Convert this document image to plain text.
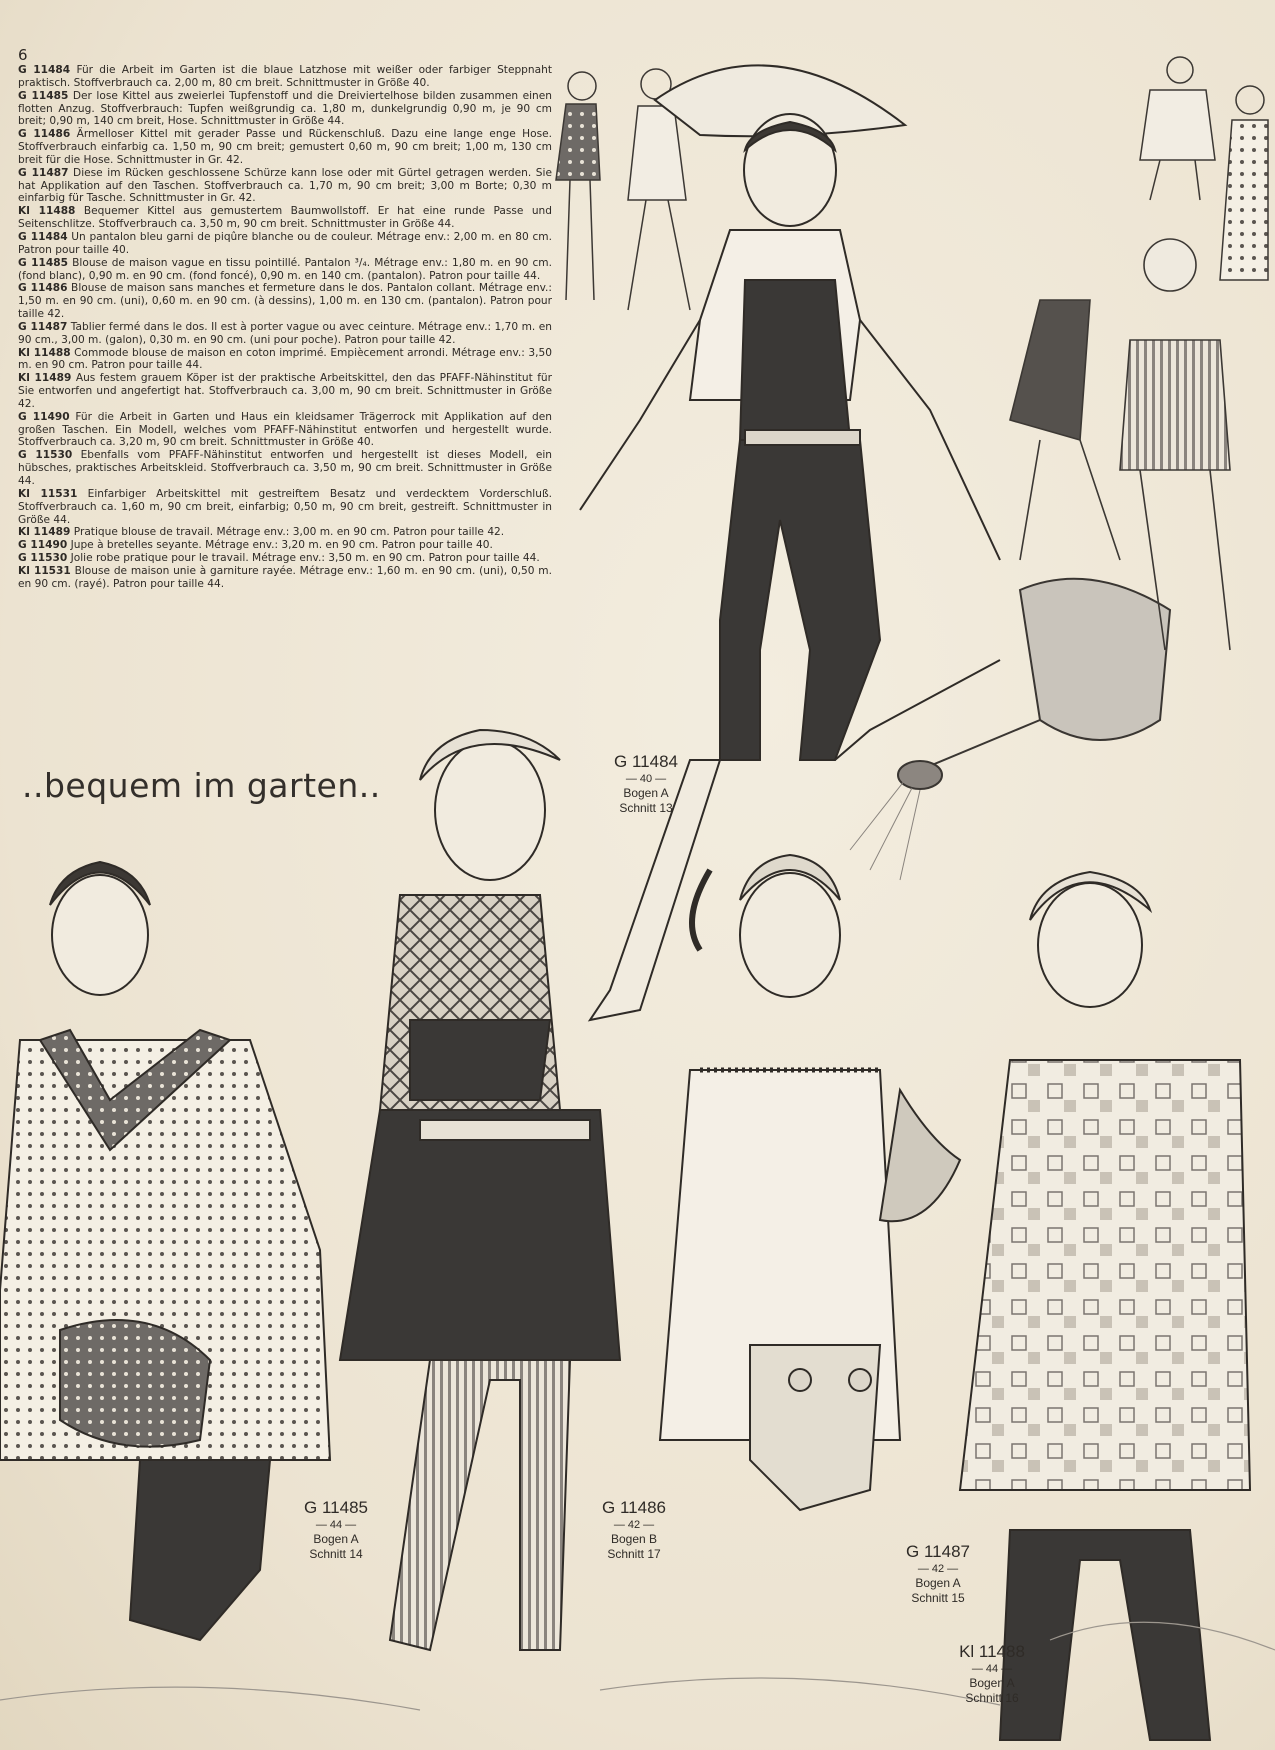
6

G 11484 Für die Arbeit im Garten ist die blaue Latzhose mit weißer oder farbiger Steppnaht praktisch. Stoffverbrauch ca. 2,00 m, 80 cm breit. Schnittmuster in Größe 40.

G 11485 Der lose Kittel aus zweierlei Tupfenstoff und die Dreiviertelhose bilden zusammen einen flotten Anzug. Stoffverbrauch: Tupfen weißgrundig ca. 1,80 m, dunkelgrundig 0,90 m, je 90 cm breit; 0,90 m, 140 cm breit, Hose. Schnittmuster in Größe 44.

G 11486 Ärmelloser Kittel mit gerader Passe und Rückenschluß. Dazu eine lange enge Hose. Stoffverbrauch einfarbig ca. 1,50 m, 90 cm breit; gemustert 0,60 m, 90 cm breit; 1,00 m, 130 cm breit für die Hose. Schnittmuster in Gr. 42.

G 11487 Diese im Rücken geschlossene Schürze kann lose oder mit Gürtel getragen werden. Sie hat Applikation auf den Taschen. Stoffverbrauch ca. 1,70 m, 90 cm breit; 3,00 m Borte; 0,30 m einfarbig für Tasche. Schnittmuster in Gr. 42.

Kl 11488 Bequemer Kittel aus gemustertem Baumwollstoff. Er hat eine runde Passe und Seitenschlitze. Stoffverbrauch ca. 3,50 m, 90 cm breit. Schnittmuster in Größe 44.

G 11484 Un pantalon bleu garni de piqûre blanche ou de couleur. Métrage env.: 2,00 m. en 80 cm. Patron pour taille 40.

G 11485 Blouse de maison vague en tissu pointillé. Pantalon ³/₄. Métrage env.: 1,80 m. en 90 cm. (fond blanc), 0,90 m. en 90 cm. (fond foncé), 0,90 m. en 140 cm. (pantalon). Patron pour taille 44.

G 11486 Blouse de maison sans manches et fermeture dans le dos. Pantalon collant. Métrage env.: 1,50 m. en 90 cm. (uni), 0,60 m. en 90 cm. (à dessins), 1,00 m. en 130 cm. (pantalon). Patron pour taille 42.

G 11487 Tablier fermé dans le dos. Il est à porter vague ou avec ceinture. Métrage env.: 1,70 m. en 90 cm., 3,00 m. (galon), 0,30 m. en 90 cm. (uni pour poche). Patron pour taille 42.

Kl 11488 Commode blouse de maison en coton imprimé. Empiècement arrondi. Métrage env.: 3,50 m. en 90 cm. Patron pour taille 44.

Kl 11489 Aus festem grauem Köper ist der praktische Arbeitskittel, den das PFAFF-Nähinstitut für Sie entworfen und angefertigt hat. Stoffverbrauch ca. 3,00 m, 90 cm breit. Schnittmuster in Größe 42.

G 11490 Für die Arbeit in Garten und Haus ein kleidsamer Trägerrock mit Applikation auf den großen Taschen. Ein Modell, welches vom PFAFF-Nähinstitut entworfen und hergestellt wurde. Stoffverbrauch ca. 3,20 m, 90 cm breit. Schnittmuster in Größe 40.

G 11530 Ebenfalls vom PFAFF-Nähinstitut entworfen und hergestellt ist dieses Modell, ein hübsches, praktisches Arbeitskleid. Stoffverbrauch ca. 3,50 m, 90 cm breit. Schnittmuster in Größe 44.

Kl 11531 Einfarbiger Arbeitskittel mit gestreiftem Besatz und verdecktem Vorderschluß. Stoffverbrauch ca. 1,60 m, 90 cm breit, einfarbig; 0,50 m, 90 cm breit, gestreift. Schnittmuster in Größe 44.

Kl 11489 Pratique blouse de travail. Métrage env.: 3,00 m. en 90 cm. Patron pour taille 42.

G 11490 Jupe à bretelles seyante. Métrage env.: 3,20 m. en 90 cm. Patron pour taille 40.

G 11530 Jolie robe pratique pour le travail. Métrage env.: 3,50 m. en 90 cm. Patron pour taille 44.

Kl 11531 Blouse de maison unie à garniture rayée. Métrage env.: 1,60 m. en 90 cm. (uni), 0,50 m. en 90 cm. (rayé). Patron pour taille 44.

..bequem im garten..
G 11484
— 40 —
Bogen A
Schnitt 13
G 11485
— 44 —
Bogen A
Schnitt 14
G 11486
— 42 —
Bogen B
Schnitt 17	G 11487
— 42 —
Bogen A
Schnitt 15
Kl 11488
— 44 —
Bogen A
Schnitt 16
